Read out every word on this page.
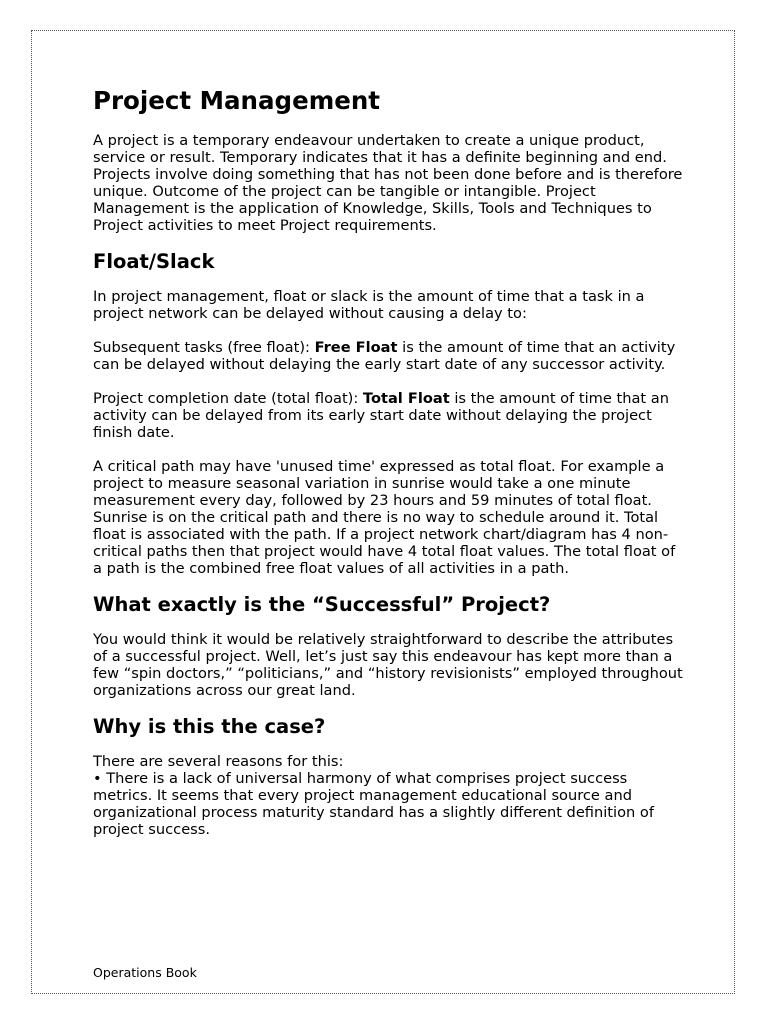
Project Management

A project is a temporary endeavour undertaken to create a unique product, service or result. Temporary indicates that it has a definite beginning and end. Projects involve doing something that has not been done before and is therefore unique. Outcome of the project can be tangible or intangible. Project Management is the application of Knowledge, Skills, Tools and Techniques to Project activities to meet Project requirements.

Float/Slack

In project management, float or slack is the amount of time that a task in a project network can be delayed without causing a delay to:

Subsequent tasks (free float): Free Float is the amount of time that an activity can be delayed without delaying the early start date of any successor activity.

Project completion date (total float): Total Float is the amount of time that an activity can be delayed from its early start date without delaying the project finish date.

A critical path may have 'unused time' expressed as total float. For example a project to measure seasonal variation in sunrise would take a one minute measurement every day, followed by 23 hours and 59 minutes of total float. Sunrise is on the critical path and there is no way to schedule around it. Total float is associated with the path. If a project network chart/diagram has 4 non-critical paths then that project would have 4 total float values. The total float of a path is the combined free float values of all activities in a path.

What exactly is the “Successful” Project?

You would think it would be relatively straightforward to describe the attributes of a successful project. Well, let’s just say this endeavour has kept more than a few “spin doctors,” “politicians,” and “history revisionists” employed throughout organizations across our great land.

Why is this the case?

There are several reasons for this:

• There is a lack of universal harmony of what comprises project success metrics. It seems that every project management educational source and organizational process maturity standard has a slightly different definition of project success.

Operations Book
